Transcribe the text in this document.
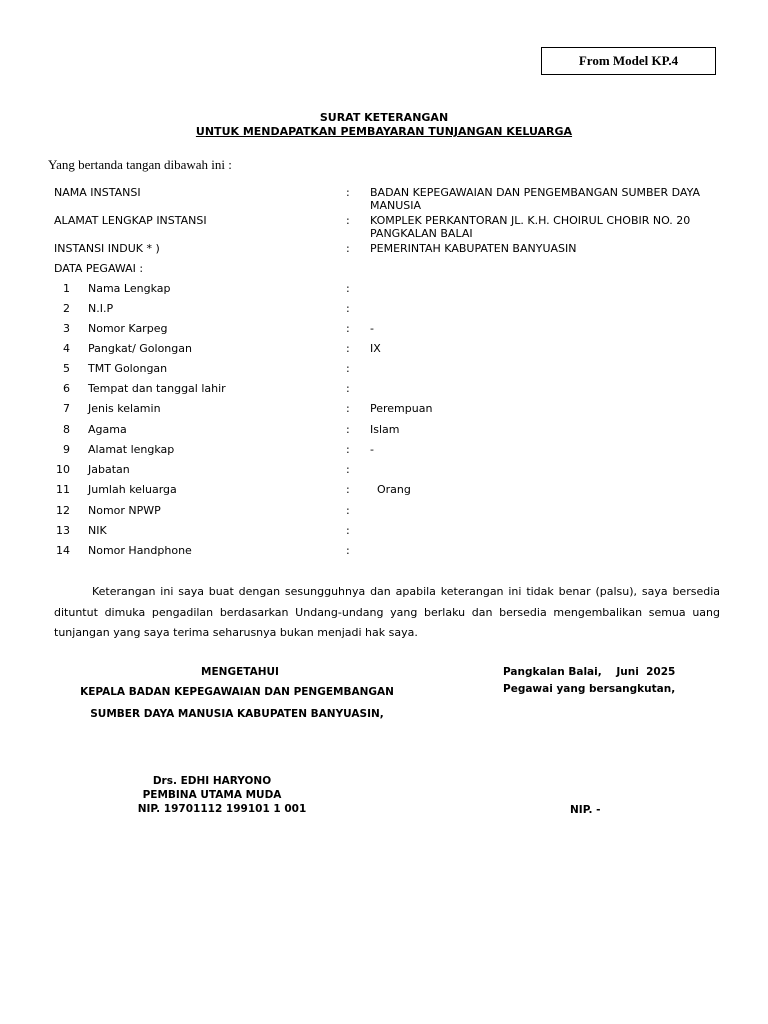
From Model KP.4
SURAT KETERANGAN
UNTUK MENDAPATKAN PEMBAYARAN TUNJANGAN KELUARGA
Yang bertanda tangan dibawah ini :
NAMA INSTANSI	: BADAN KEPEGAWAIAN DAN PENGEMBANGAN SUMBER DAYA
MANUSIA
ALAMAT LENGKAP INSTANSI	: KOMPLEK PERKANTORAN JL. K.H. CHOIRUL CHOBIR NO. 20
PANGKALAN BALAI
INSTANSI INDUK * )	: PEMERINTAH KABUPATEN BANYUASIN
DATA PEGAWAI :
1 Nama Lengkap	:
2 N.I.P	:
3 Nomor Karpeg	: -
4 Pangkat/ Golongan	: IX
5 TMT Golongan	:
6 Tempat dan tanggal lahir	:
7 Jenis kelamin	: Perempuan
8 Agama	: Islam
9 Alamat lengkap	: -
10 Jabatan	:
11 Jumlah keluarga	: Orang
12 Nomor NPWP	:
13 NIK	:
14 Nomor Handphone	:
Keterangan ini saya buat dengan sesungguhnya dan apabila keterangan ini tidak benar (palsu), saya bersedia dituntut dimuka pengadilan berdasarkan Undang-undang yang berlaku dan bersedia mengembalikan semua uang tunjangan yang saya terima seharusnya bukan menjadi hak saya.
MENGETAHUI
KEPALA BADAN KEPEGAWAIAN DAN PENGEMBANGAN
SUMBER DAYA MANUSIA KABUPATEN BANYUASIN,
Drs. EDHI HARYONO
PEMBINA UTAMA MUDA
NIP. 19701112 199101 1 001
Pangkalan Balai,    Juni  2025
Pegawai yang bersangkutan,
NIP. -
